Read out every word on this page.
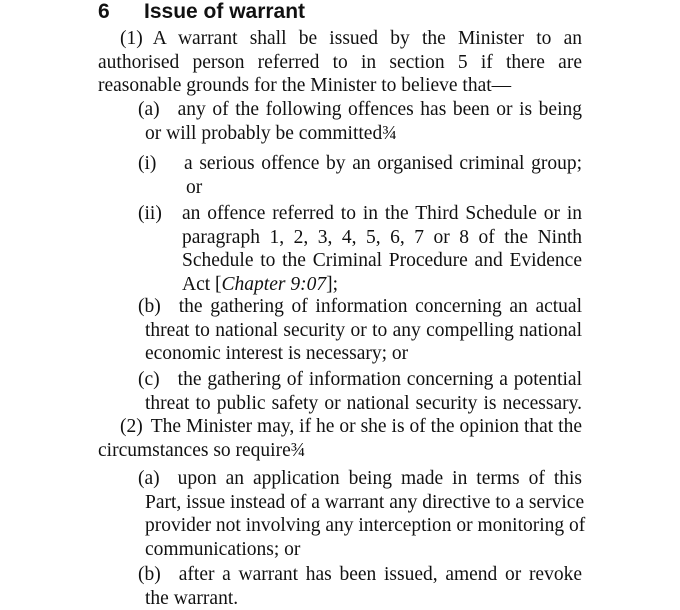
6 Issue of warrant
(1) A warrant shall be issued by the Minister to an
authorised person referred to in section 5 if there are
reasonable grounds for the Minister to believe that—
(a) any of the following offences has been or is being
or will probably be committed¾
(i) a serious offence by an organised criminal group;
or
(ii) an offence referred to in the Third Schedule or in
paragraph 1, 2, 3, 4, 5, 6, 7 or 8 of the Ninth
Schedule to the Criminal Procedure and Evidence
Act [Chapter 9:07];
(b) the gathering of information concerning an actual
threat to national security or to any compelling national
economic interest is necessary; or
(c) the gathering of information concerning a potential
threat to public safety or national security is necessary.
(2) The Minister may, if he or she is of the opinion that the
circumstances so require¾
(a) upon an application being made in terms of this
Part, issue instead of a warrant any directive to a service
provider not involving any interception or monitoring of
communications; or
(b) after a warrant has been issued, amend or revoke
the warrant.
